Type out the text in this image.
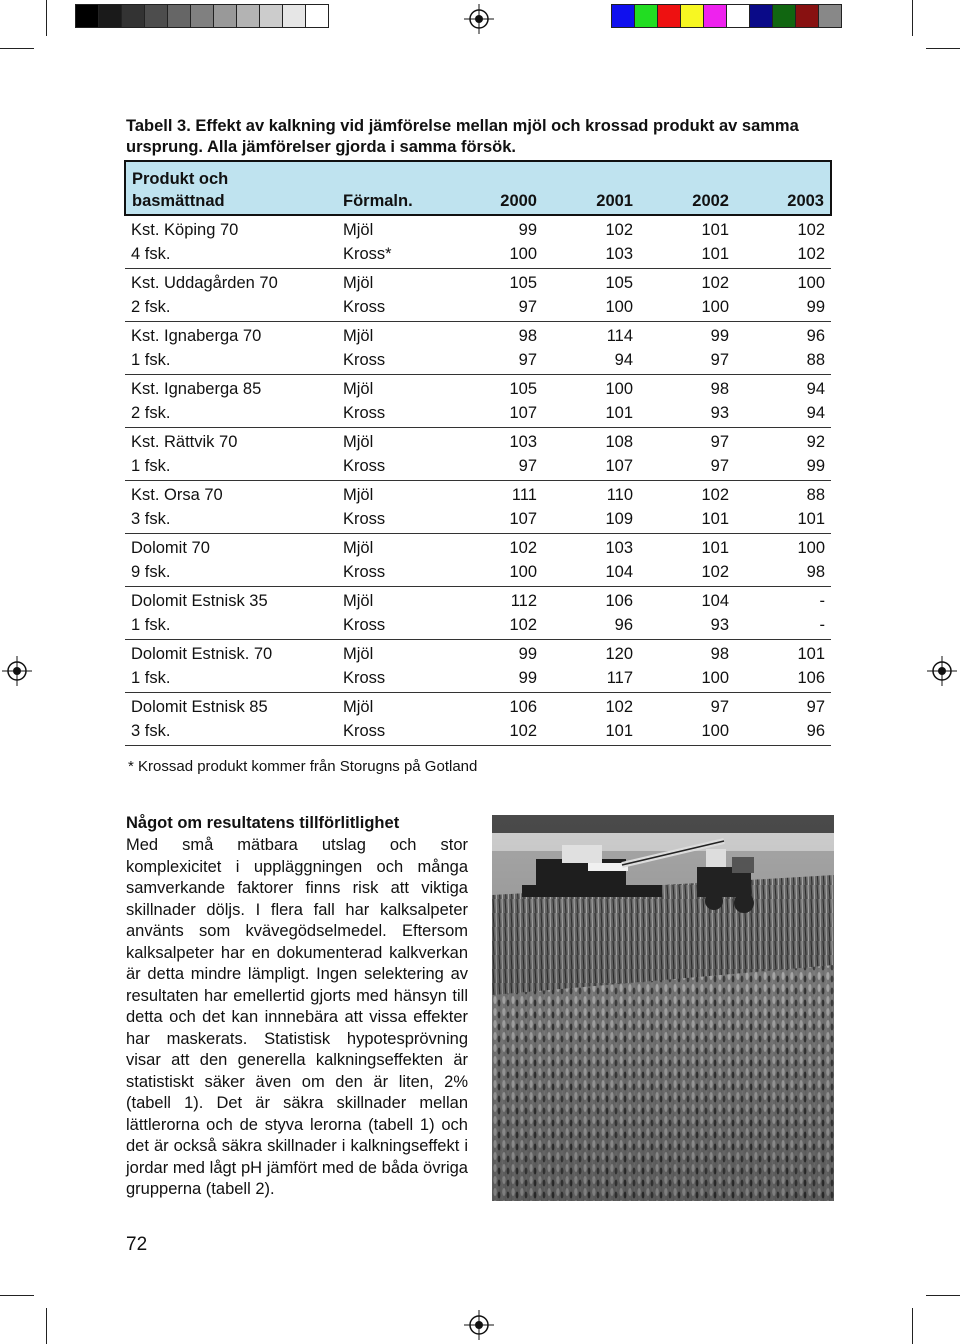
Tabell 3. Effekt av kalkning vid jämförelse mellan mjöl och krossad produkt av samma ursprung. Alla jämförelser gjorda i samma försök.
Produkt och					
basmättnad	Förmaln.	2000	2001	2002	2003
Kst. Köping 70	Mjöl	99	102	101	102
4 fsk.	Kross*	100	103	101	102
Kst. Uddagården 70	Mjöl	105	105	102	100
2 fsk.	Kross	97	100	100	99
Kst. Ignaberga 70	Mjöl	98	114	99	96
1 fsk.	Kross	97	94	97	88
Kst. Ignaberga 85	Mjöl	105	100	98	94
2 fsk.	Kross	107	101	93	94
Kst. Rättvik 70	Mjöl	103	108	97	92
1 fsk.	Kross	97	107	97	99
Kst. Orsa 70	Mjöl	111	110	102	88
3 fsk.	Kross	107	109	101	101
Dolomit 70	Mjöl	102	103	101	100
9 fsk.	Kross	100	104	102	98
Dolomit Estnisk 35	Mjöl	112	106	104	-
1 fsk.	Kross	102	96	93	-
Dolomit Estnisk. 70	Mjöl	99	120	98	101
1 fsk.	Kross	99	117	100	106
Dolomit Estnisk 85	Mjöl	106	102	97	97
3 fsk.	Kross	102	101	100	96
* Krossad produkt kommer från Storugns på Gotland
Något om resultatens tillförlitlighet
Med små mätbara utslag och stor komplexicitet i uppläggningen och många samverkande faktorer finns risk att viktiga skillnader döljs. I flera fall har kalksalpeter använts som kvävegödselmedel. Eftersom kalksalpeter har en dokumenterad kalkverkan är detta mindre lämpligt. Ingen selektering av resultaten har emellertid gjorts med hänsyn till detta och det kan innnebära att vissa effekter har maskerats. Statistisk hypotesprövning visar att den generella kalkningseffekten är statistiskt säker även om den är liten, 2% (tabell 1). Det är säkra skillnader mellan lättlerorna och de styva lerorna (tabell 1) och det är också säkra skillnader i kalkningseffekt i jordar med lågt pH jämfört med de båda övriga grupperna (tabell 2).
72
